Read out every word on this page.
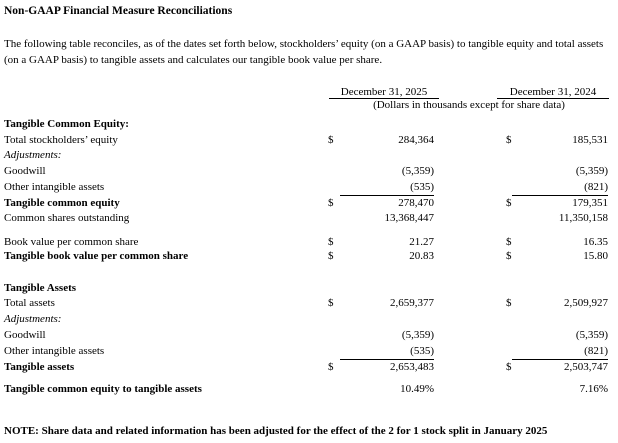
Non-GAAP Financial Measure Reconciliations
The following table reconciles, as of the dates set forth below, stockholders’ equity (on a GAAP basis) to tangible equity and total assets (on a GAAP basis) to tangible assets and calculates our tangible book value per share.
December 31, 2025	December 31, 2024
(Dollars in thousands except for share data)
Tangible Common Equity:
Total stockholders’ equity	$	284,364	$	185,531
Adjustments:
Goodwill	(5,359)	(5,359)
Other intangible assets	(535)	(821)
Tangible common equity	$	278,470	$	179,351
Common shares outstanding	13,368,447	11,350,158
Book value per common share	$	21.27	$	16.35
Tangible book value per common share	$	20.83	$	15.80
Tangible Assets
Total assets	$	2,659,377	$	2,509,927
Adjustments:
Goodwill	(5,359)	(5,359)
Other intangible assets	(535)	(821)
Tangible assets	$	2,653,483	$	2,503,747
Tangible common equity to tangible assets	10.49%	7.16%
NOTE: Share data and related information has been adjusted for the effect of the 2 for 1 stock split in January 2025
